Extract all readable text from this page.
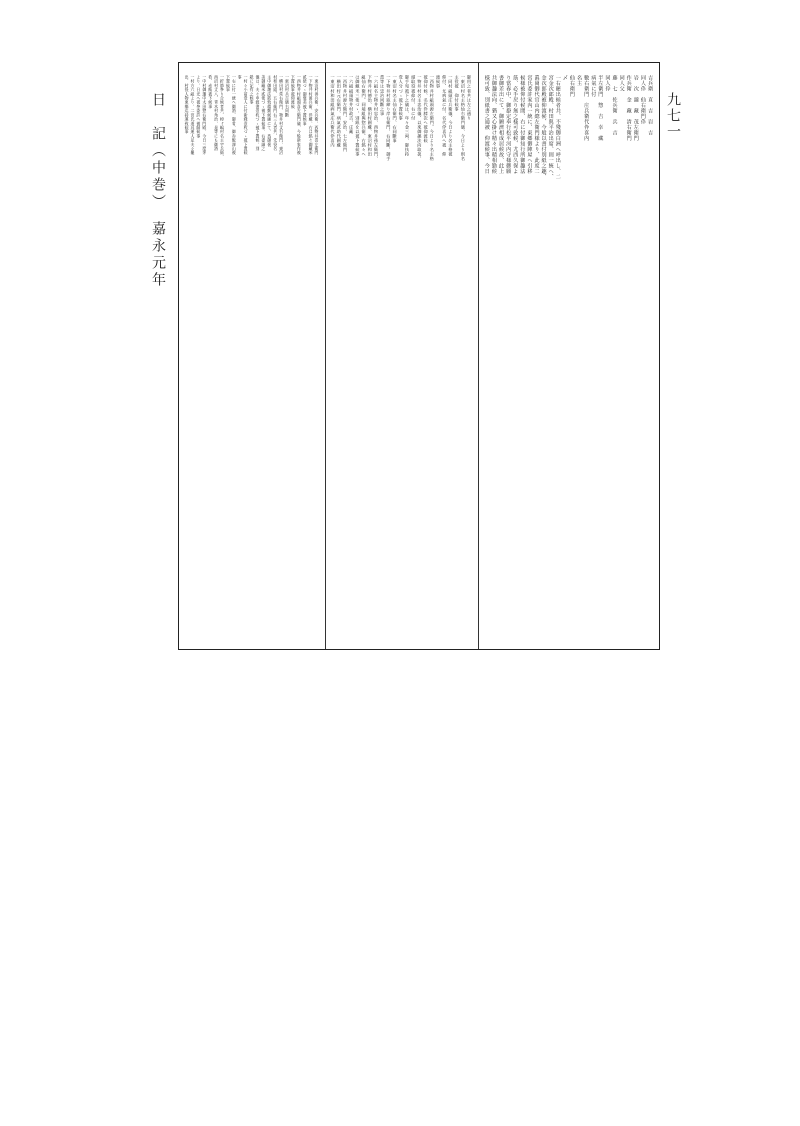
日　記（中巻）　嘉永元年	九七一
吉兵衛　直　吉　岩　吉
同人伜　仙右衛門伜
岩　次　瀧　藏　茂左衛門
作兵衛　金　藏　清右衛門
同人父
藤　七　佐兵衛　兵　吉
同人伜
半左衛門　惣　吉　幸　藏
病氣に付
數右衛門　庄兵衛代伜喜内
名主
仙右衛門
〆
一右罷出候者共、不殘御白洲へ呼出し、二
宮金次郎殿、村田與平治出席、則一統へ、
金次郎殿被仰渡候、今般以書付別紙之趣、
眞岡御代官山内總左衛門様より、此度二
宮氏委許家內一統に、東郷御陣屋へ引移
候様被仰付候間、右に付御知行所御趣法
筋、必手戻り無之様可致候、尤西久保よ
り當春中、御掛定奉行松平河内守様御願
書御差出にて、御願濟相成居候故、此上
共御趣法向、猶又心掛け精々出精相勤候
様可致、別紙書之通被　仰渡候事、今日
御用之者共は左之通り
一東沼村名主格仙右衛門儀、今日より則名
主役被　仰付候事
一同村組頭庄兵衛儀、今日より名主格被
仰付、尤病氣に付、名代伜喜内へ被　仰
渡候事
一西物井村組頭源左衛門、今日より名主格
被仰付候、名代伜膝次へ被仰渡候
一物井村名主忠治儀、以來御趣法向取扱、
頭取役被仰付、右に付
御手宛被下之儀は、年々金三両、御扶持
壹人分づゝ被下置候事
一東沼村名主仙右衛門、右同斷事
一下物井村取締り岸右衛門、右同斷、御手
當等は忠治同斷之事
一六組名主物井村忠治、西物井孫左衛門、
下物井村德治、横田村圓藏、東沼村和田
組仙右衛門、同境組與惣兵衛、右銘々へ
は御藏米三俵づゝ、別紙を以被下置候事
一六組組頭物井村政吉、庄藏
一西物井村源左衛門、安治、七左衛門
一横田村元右衛門、病氣武助代圓藏
一東沼村和田組病氣庄兵衛代伜喜内
一東沼村善兵衛、安兵衛、西物井喜左衛門
一下物井村萬兵衛、伴藏、右は銘々御藏米
貳俵づゝ御褒美被下置候事
一西物井村組頭喜左衛門儀、今般新家作被
下置候事被仰渡候
一東沼村兵吉儀右同斷
一横田村常右衛門、物井村文右衛門、東沼
村和田組、五右衛門右三人者共、先役名
主中御趣法筋致精勤候廉にて、爲御褒
美御藏米貳俵づゝ被下置候事、右委細之
儀は、夫々申渡書壹枚づゝ被下置候、別
紙に記有之候事
一村々小前壹人に付新錢壹枚づゝ被下置候
事
一右に付一統へ御酒、御肴、御赤飯澤山被
下置候事
一折節參り合候者共、棹ヶ嶋村名主宇兵衛、
西沼村丈八、靑木村角治、是等にも御酒
肴、赤飯被下候事
一中村御藩中太田惣右衛門殿、今日三度茅
より、日光へ被參委許へ被歸候事
一村方六組より、二宮氏道具運人足夫々罷
出、村役人物東郷迄持運致候事
